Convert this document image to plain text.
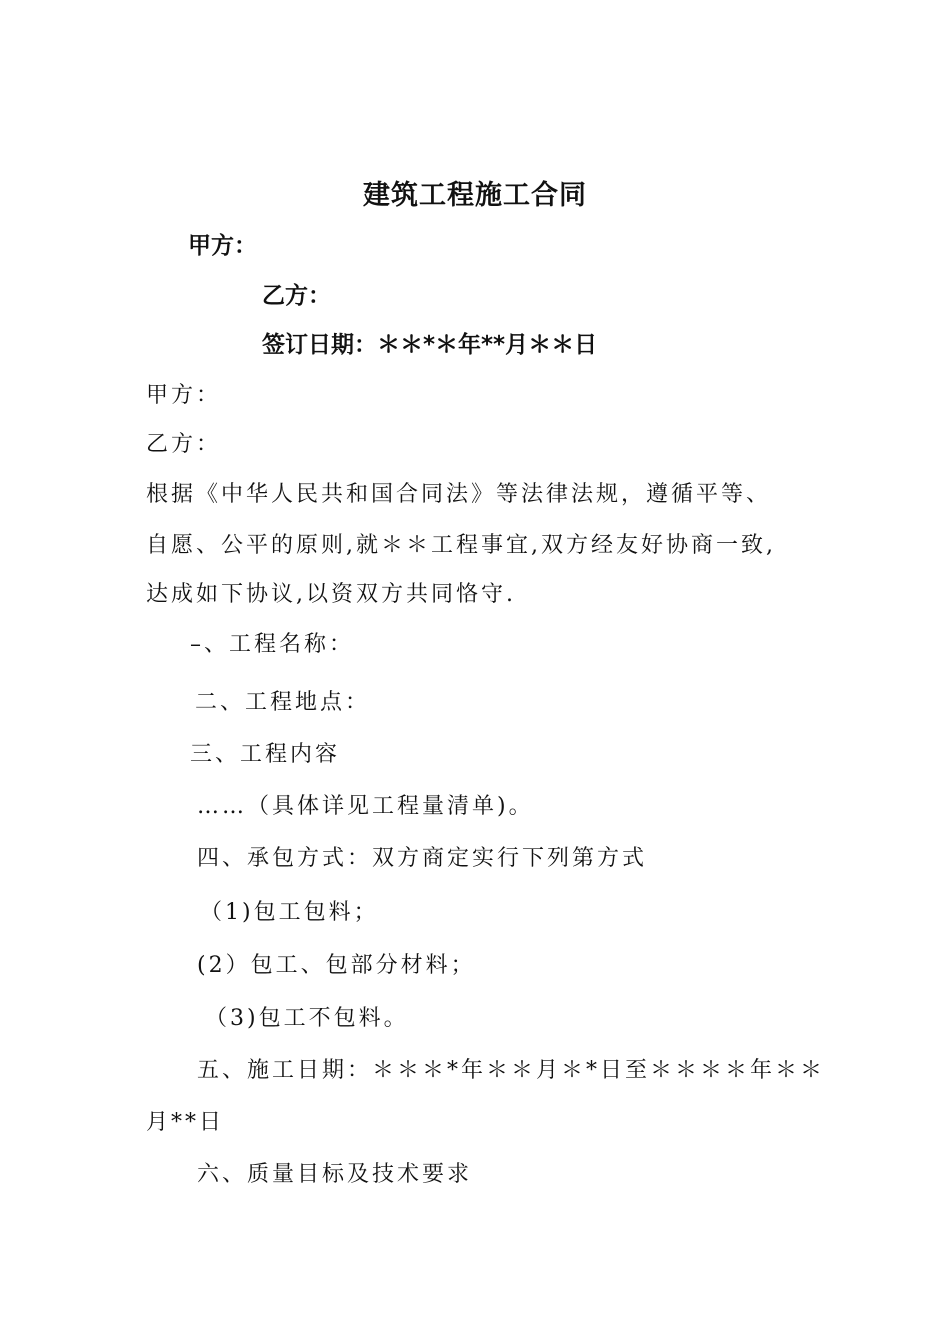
建筑工程施工合同
甲方：
乙方：
签订日期：＊＊*＊年**月＊＊日
甲方：
乙方：
根据《中华人民共和国合同法》等法律法规，遵循平等、
自愿、公平的原则,就＊＊工程事宜,双方经友好协商一致,
达成如下协议,以资双方共同恪守.
–、工程名称：
二、工程地点：
三、工程内容
……（具体详见工程量清单)。
四、承包方式：双方商定实行下列第方式
（1)包工包料；
(2）包工、包部分材料；
（3)包工不包料。
五、施工日期：＊＊＊*年＊＊月＊*日至＊＊＊＊年＊＊
月**日
六、质量目标及技术要求
